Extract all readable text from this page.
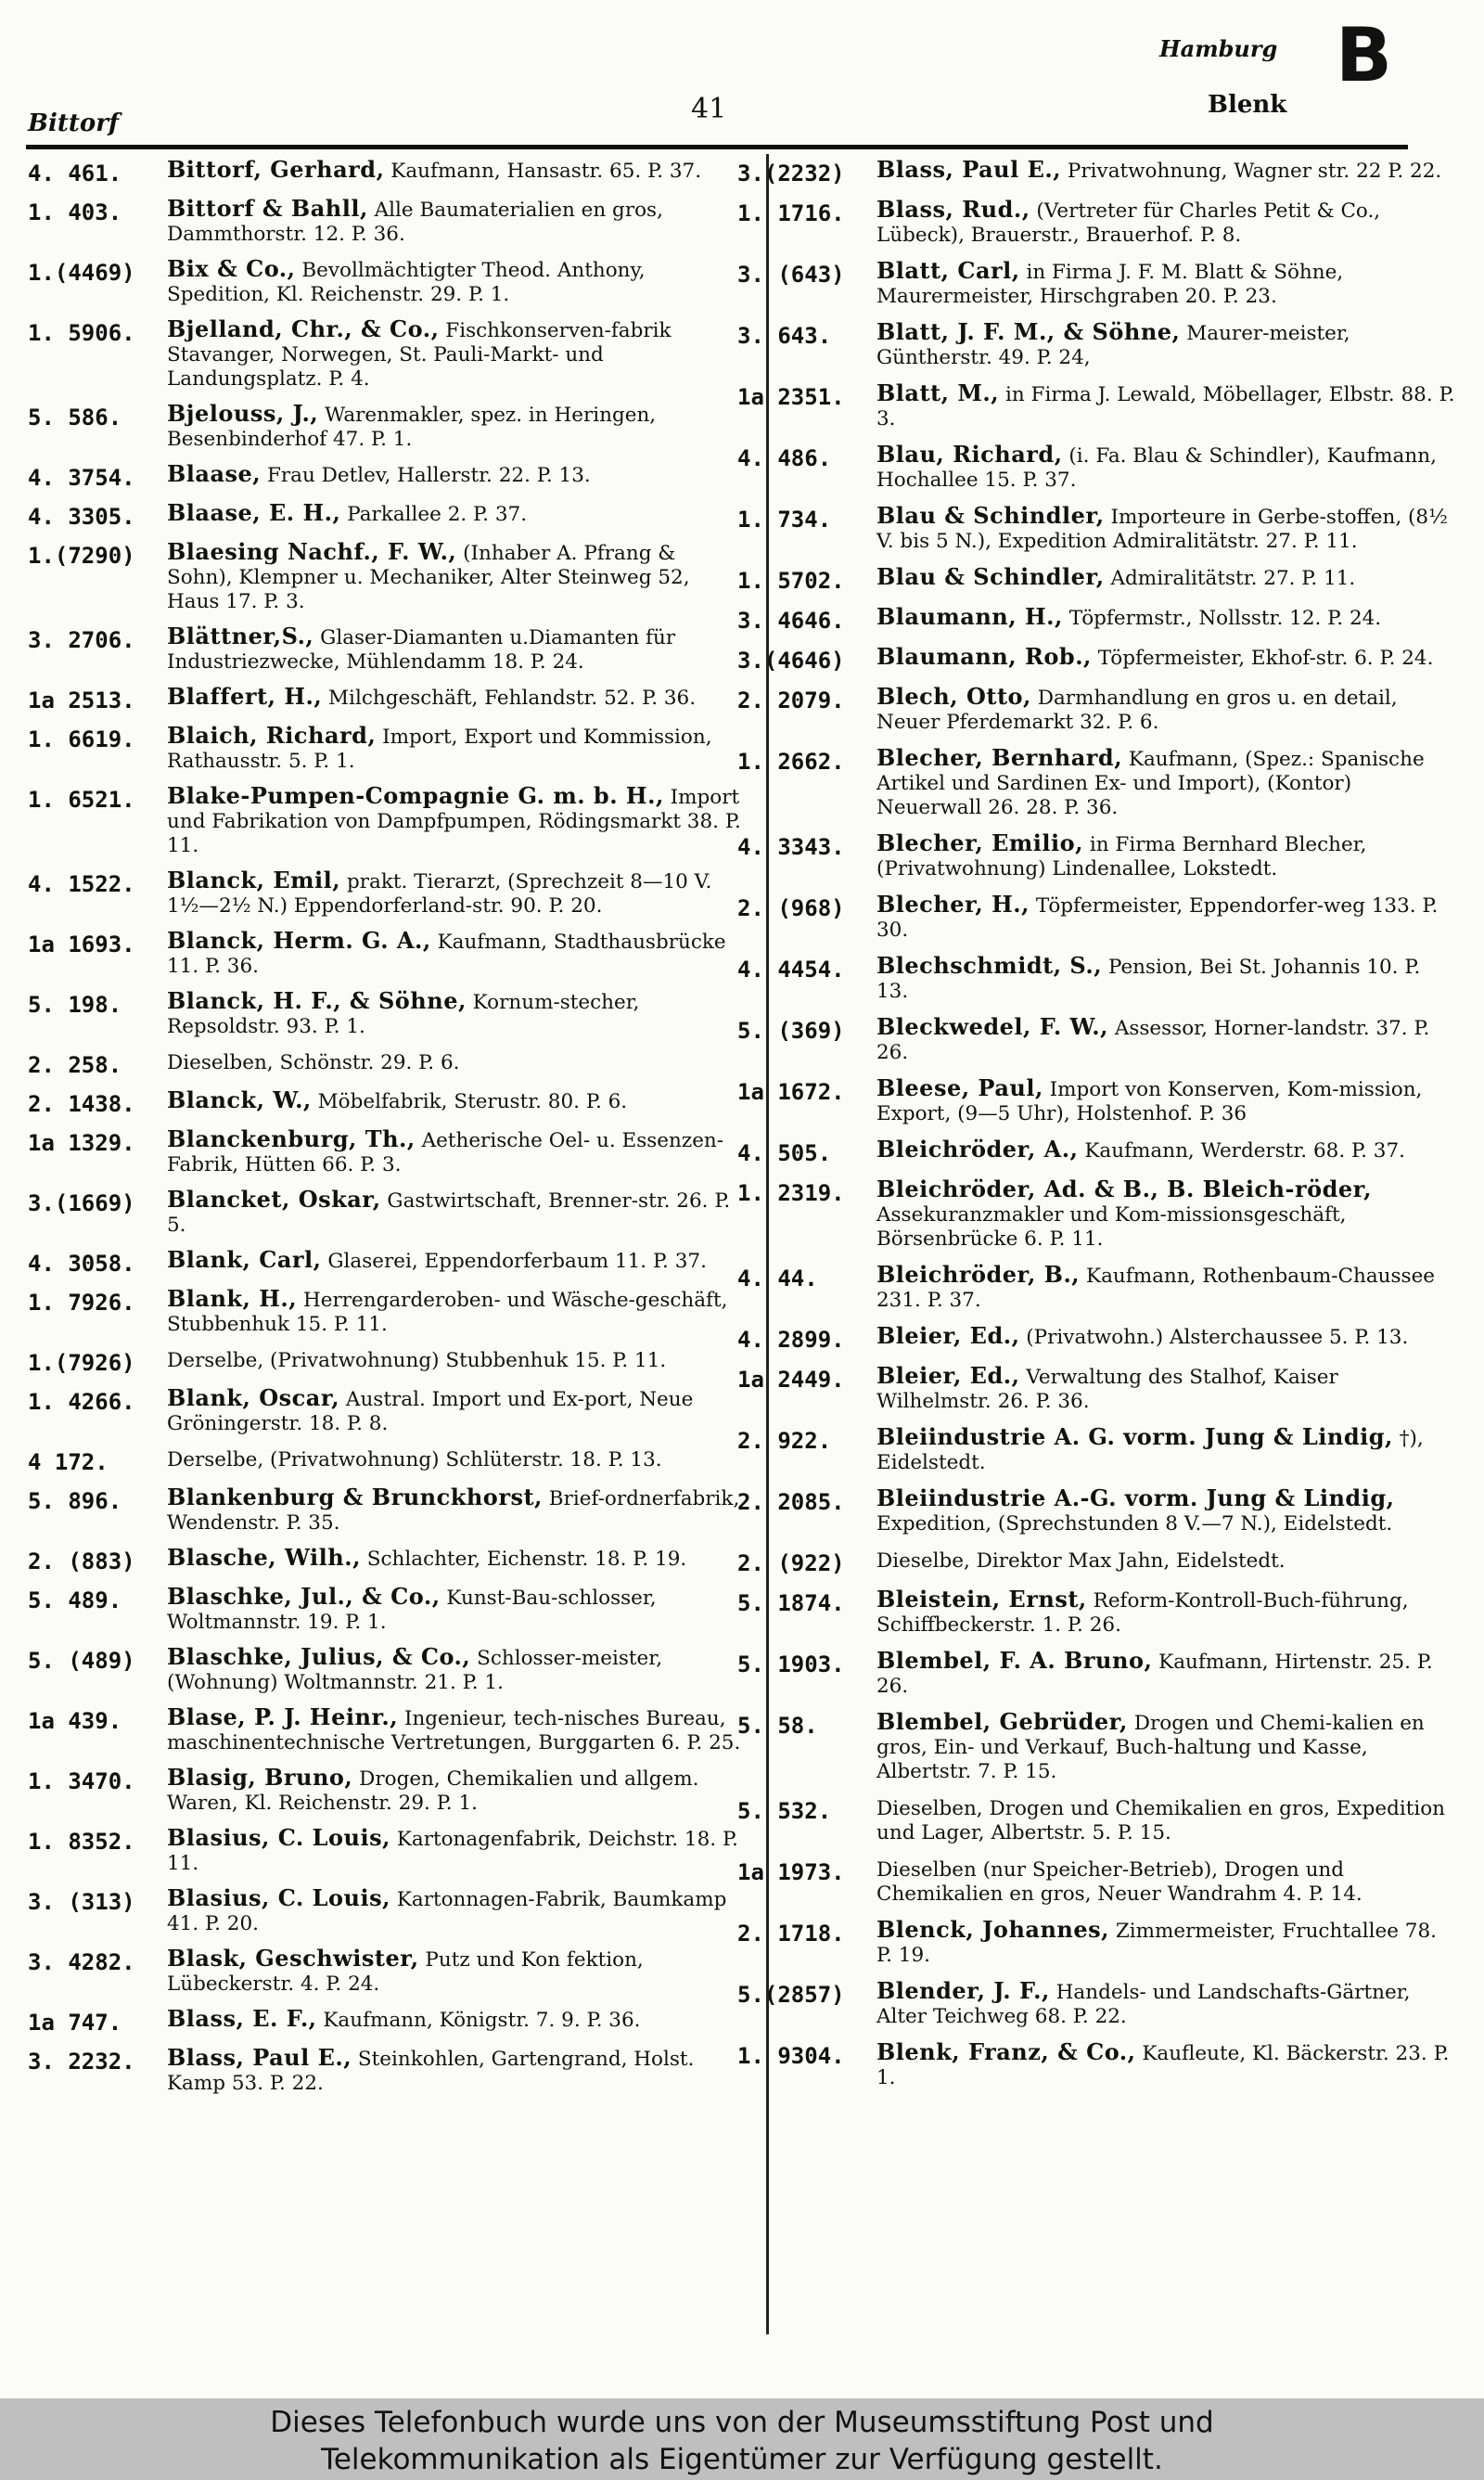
Bittorf	41
Hamburg B
Blenk
4. 461.	Bittorf, Gerhard, Kaufmann, Hansastr. 65. P. 37.
1. 403.	Bittorf & Bahll, Alle Baumaterialien en gros, Dammthorstr. 12. P. 36.
1.(4469)	Bix & Co., Bevollmächtigter Theod. Anthony, Spedition, Kl. Reichenstr. 29. P. 1.
1. 5906.	Bjelland, Chr., & Co., Fischkonserven-fabrik Stavanger, Norwegen, St. Pauli-Markt- und Landungsplatz. P. 4.
5. 586.	Bjelouss, J., Warenmakler, spez. in Heringen, Besenbinderhof 47. P. 1.
4. 3754.	Blaase, Frau Detlev, Hallerstr. 22. P. 13.
4. 3305.	Blaase, E. H., Parkallee 2. P. 37.
1.(7290)	Blaesing Nachf., F. W., (Inhaber A. Pfrang & Sohn), Klempner u. Mechaniker, Alter Steinweg 52, Haus 17. P. 3.
3. 2706.	Blättner,S., Glaser-Diamanten u.Diamanten für Industriezwecke, Mühlendamm 18. P. 24.
1a 2513.	Blaffert, H., Milchgeschäft, Fehlandstr. 52. P. 36.
1. 6619.	Blaich, Richard, Import, Export und Kommission, Rathausstr. 5. P. 1.
1. 6521.	Blake-Pumpen-Compagnie G. m. b. H., Import und Fabrikation von Dampfpumpen, Rödingsmarkt 38. P. 11.
4. 1522.	Blanck, Emil, prakt. Tierarzt, (Sprechzeit 8—10 V. 1½—2½ N.) Eppendorferland-str. 90. P. 20.
1a 1693.	Blanck, Herm. G. A., Kaufmann, Stadthausbrücke 11. P. 36.
5. 198.	Blanck, H. F., & Söhne, Kornum-stecher, Repsoldstr. 93. P. 1.
2. 258.	Dieselben, Schönstr. 29. P. 6.
2. 1438.	Blanck, W., Möbelfabrik, Sterustr. 80. P. 6.
1a 1329.	Blanckenburg, Th., Aetherische Oel- u. Essenzen-Fabrik, Hütten 66. P. 3.
3.(1669)	Blancket, Oskar, Gastwirtschaft, Brenner-str. 26. P. 5.
4. 3058.	Blank, Carl, Glaserei, Eppendorferbaum 11. P. 37.
1. 7926.	Blank, H., Herrengarderoben- und Wäsche-geschäft, Stubbenhuk 15. P. 11.
1.(7926)	Derselbe, (Privatwohnung) Stubbenhuk 15. P. 11.
1. 4266.	Blank, Oscar, Austral. Import und Ex-port, Neue Gröningerstr. 18. P. 8.
4 172.	Derselbe, (Privatwohnung) Schlüterstr. 18. P. 13.
5. 896.	Blankenburg & Brunckhorst, Brief-ordnerfabrik, Wendenstr. P. 35.
2. (883)	Blasche, Wilh., Schlachter, Eichenstr. 18. P. 19.
5. 489.	Blaschke, Jul., & Co., Kunst-Bau-schlosser, Woltmannstr. 19. P. 1.
5. (489)	Blaschke, Julius, & Co., Schlosser-meister, (Wohnung) Woltmannstr. 21. P. 1.
1a 439.	Blase, P. J. Heinr., Ingenieur, tech-nisches Bureau, maschinentechnische Vertretungen, Burggarten 6. P. 25.
1. 3470.	Blasig, Bruno, Drogen, Chemikalien und allgem. Waren, Kl. Reichenstr. 29. P. 1.
1. 8352.	Blasius, C. Louis, Kartonagenfabrik, Deichstr. 18. P. 11.
3. (313)	Blasius, C. Louis, Kartonnagen-Fabrik, Baumkamp 41. P. 20.
3. 4282.	Blask, Geschwister, Putz und Kon fektion, Lübeckerstr. 4. P. 24.
1a 747.	Blass, E. F., Kaufmann, Königstr. 7. 9. P. 36.
3. 2232.	Blass, Paul E., Steinkohlen, Gartengrand, Holst. Kamp 53. P. 22.
3.(2232)	Blass, Paul E., Privatwohnung, Wagner str. 22 P. 22.
1. 1716.	Blass, Rud., (Vertreter für Charles Petit & Co., Lübeck), Brauerstr., Brauerhof. P. 8.
3. (643)	Blatt, Carl, in Firma J. F. M. Blatt & Söhne, Maurermeister, Hirschgraben 20. P. 23.
3. 643.	Blatt, J. F. M., & Söhne, Maurer-meister, Güntherstr. 49. P. 24,
1a 2351.	Blatt, M., in Firma J. Lewald, Möbellager, Elbstr. 88. P. 3.
4. 486.	Blau, Richard, (i. Fa. Blau & Schindler), Kaufmann, Hochallee 15. P. 37.
1. 734.	Blau & Schindler, Importeure in Gerbe-stoffen, (8½ V. bis 5 N.), Expedition Admiralitätstr. 27. P. 11.
1. 5702.	Blau & Schindler, Admiralitätstr. 27. P. 11.
3. 4646.	Blaumann, H., Töpfermstr., Nollsstr. 12. P. 24.
3.(4646)	Blaumann, Rob., Töpfermeister, Ekhof-str. 6. P. 24.
2. 2079.	Blech, Otto, Darmhandlung en gros u. en detail, Neuer Pferdemarkt 32. P. 6.
1. 2662.	Blecher, Bernhard, Kaufmann, (Spez.: Spanische Artikel und Sardinen Ex- und Import), (Kontor) Neuerwall 26. 28. P. 36.
4. 3343.	Blecher, Emilio, in Firma Bernhard Blecher, (Privatwohnung) Lindenallee, Lokstedt.
2. (968)	Blecher, H., Töpfermeister, Eppendorfer-weg 133. P. 30.
4. 4454.	Blechschmidt, S., Pension, Bei St. Johannis 10. P. 13.
5. (369)	Bleckwedel, F. W., Assessor, Horner-landstr. 37. P. 26.
1a 1672.	Bleese, Paul, Import von Konserven, Kom-mission, Export, (9—5 Uhr), Holstenhof. P. 36
4. 505.	Bleichröder, A., Kaufmann, Werderstr. 68. P. 37.
1. 2319.	Bleichröder, Ad. & B., B. Bleich-röder, Assekuranzmakler und Kom-missionsgeschäft, Börsenbrücke 6. P. 11.
4. 44.	Bleichröder, B., Kaufmann, Rothenbaum-Chaussee 231. P. 37.
4. 2899.	Bleier, Ed., (Privatwohn.) Alsterchaussee 5. P. 13.
1a 2449.	Bleier, Ed., Verwaltung des Stalhof, Kaiser Wilhelmstr. 26. P. 36.
2. 922.	Bleiindustrie A. G. vorm. Jung & Lindig, †), Eidelstedt.
2. 2085.	Bleiindustrie A.-G. vorm. Jung & Lindig, Expedition, (Sprechstunden 8 V.—7 N.), Eidelstedt.
2. (922)	Dieselbe, Direktor Max Jahn, Eidelstedt.
5. 1874.	Bleistein, Ernst, Reform-Kontroll-Buch-führung, Schiffbeckerstr. 1. P. 26.
5. 1903.	Blembel, F. A. Bruno, Kaufmann, Hirtenstr. 25. P. 26.
5. 58.	Blembel, Gebrüder, Drogen und Chemi-kalien en gros, Ein- und Verkauf, Buch-haltung und Kasse, Albertstr. 7. P. 15.
5. 532.	Dieselben, Drogen und Chemikalien en gros, Expedition und Lager, Albertstr. 5. P. 15.
1a 1973.	Dieselben (nur Speicher-Betrieb), Drogen und Chemikalien en gros, Neuer Wandrahm 4. P. 14.
2. 1718.	Blenck, Johannes, Zimmermeister, Fruchtallee 78. P. 19.
5.(2857)	Blender, J. F., Handels- und Landschafts-Gärtner, Alter Teichweg 68. P. 22.
1. 9304.	Blenk, Franz, & Co., Kaufleute, Kl. Bäckerstr. 23. P. 1.
Dieses Telefonbuch wurde uns von der Museumsstiftung Post und
Telekommunikation als Eigentümer zur Verfügung gestellt.
